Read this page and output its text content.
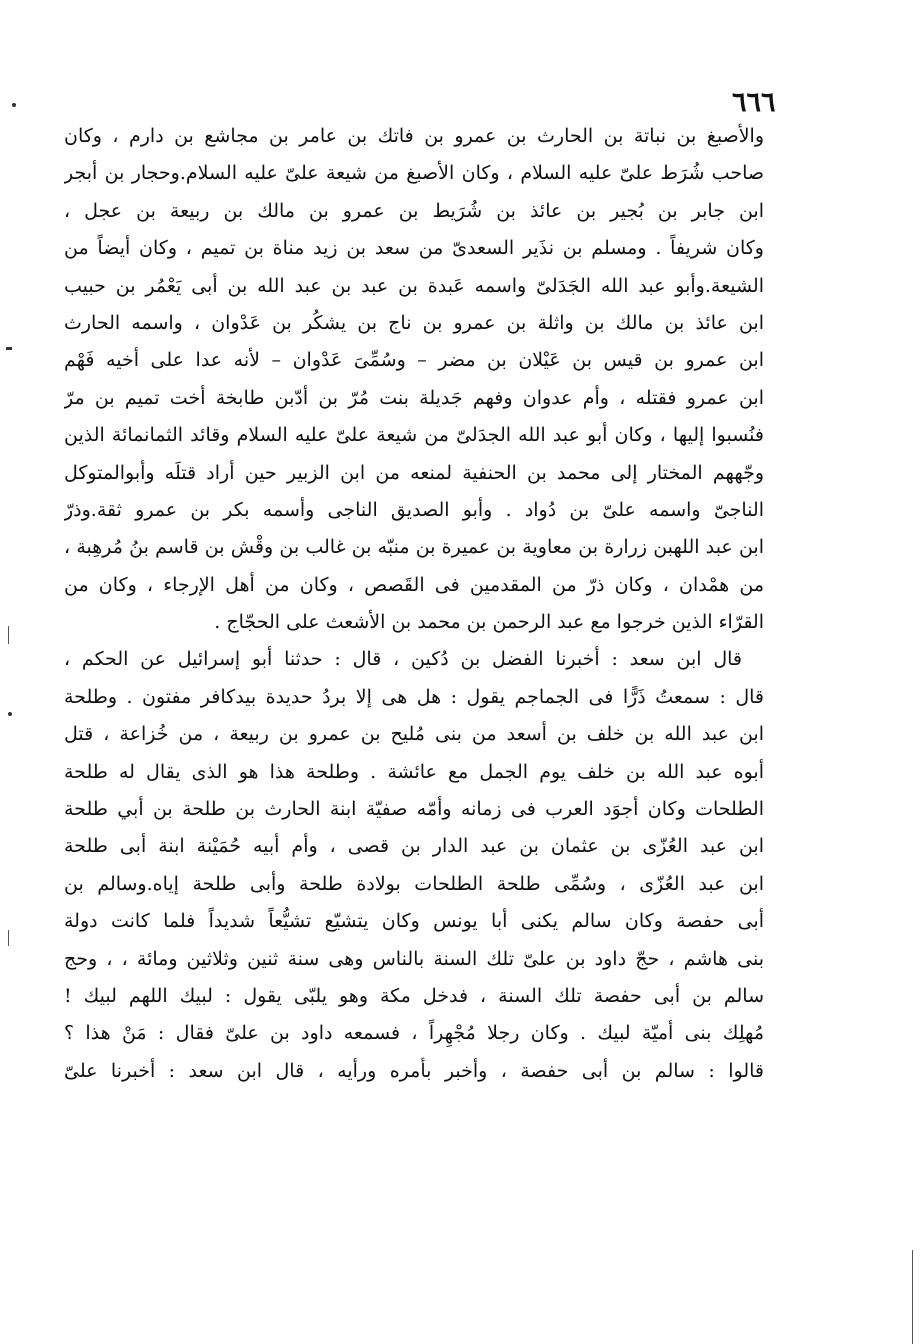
٦٦٦
والأصبغ بن نباتة بن الحارث بن عمرو بن فاتك بن عامر بن مجاشع بن دارم ، وكان
صاحب شُرَط علىّ عليه السلام ، وكان الأصبغ من شيعة علىّ عليه السلام.وحجار بن أبجر
ابن جابر بن بُجير بن عائذ بن شُرَيط بن عمرو بن مالك بن ربيعة بن عجل ،
وكان شريفاً . ومسلم بن نذَير السعدىّ من سعد بن زيد مناة بن تميم ، وكان أيضاً من
الشيعة.وأبو عبد الله الجَدَلىّ واسمه عَبدة بن عبد بن عبد الله بن أبى يَعْمُر بن حبيب
ابن عائذ بن مالك بن واثلة بن عمرو بن ناج بن يشكُر بن عَدْوان ، واسمه الحارث
ابن عمرو بن قيس بن عَيْلان بن مضر – وسُمِّىَ عَدْوان – لأنه عدا على أخيه فَهْم
ابن عمرو فقتله ، وأم عدوان وفهم جَديلة بنت مُرّ بن أدّبن طابخة أخت تميم بن مرّ
فنُسبوا إليها ، وكان أبو عبد الله الجدَلىّ من شيعة علىّ عليه السلام وقائد الثمانمائة الذين
وجّههم المختار إلى محمد بن الحنفية لمنعه من ابن الزبير حين أراد قتلَه وأبوالمتوكل
الناجىّ واسمه علىّ بن دُواد . وأبو الصديق الناجى وأسمه بكر بن عمرو ثقة.وذرّ
ابن عبد اللهبن زرارة بن معاوية بن عميرة بن منبّه بن غالب بن وقْش بن قاسم بنُ مُرهِبة ،
من همْدان ، وكان ذرّ من المقدمين فى القَصص ، وكان من أهل الإرجاء ، وكان من
القرّاء الذين خرجوا مع عبد الرحمن بن محمد بن الأشعث على الحجّاج .
قال ابن سعد : أخبرنا الفضل بن دُكين ، قال : حدثنا أبو إسرائيل عن الحكم ،
قال : سمعتُ ذَرًّا فى الجماجم يقول : هل هى إلا بردُ حديدة بيدكافر مفتون . وطلحة
ابن عبد الله بن خلف بن أسعد من بنى مُليح بن عمرو بن ربيعة ، من خُزاعة ، قتل
أبوه عبد الله بن خلف يوم الجمل مع عائشة . وطلحة هذا هو الذى يقال له طلحة
الطلحات وكان أجوَد العرب فى زمانه وأمّه صفيّة ابنة الحارث بن طلحة بن أبي طلحة
ابن عبد العُزّى بن عثمان بن عبد الدار بن قصى ، وأم أبيه حُمَيْنة ابنة أبى طلحة
ابن عبد العُزّى ، وسُمِّى طلحة الطلحات بولادة طلحة وأبى طلحة إياه.وسالم بن
أبى حفصة وكان سالم يكنى أبا يونس وكان يتشيّع تشيُّعاً شديداً فلما كانت دولة
بنى هاشم ، حجّ داود بن علىّ تلك السنة بالناس وهى سنة ثنين وثلاثين ومائة ، ، وحج
سالم بن أبى حفصة تلك السنة ، فدخل مكة وهو يلبّى يقول : لبيك اللهم لبيك !
مُهلِك بنى أميّة لبيك . وكان رجلا مُجْهِراً ، فسمعه داود بن علىّ فقال : مَنْ هذا ؟
قالوا : سالم بن أبى حفصة ، وأخبر بأمره ورأيه ، قال ابن سعد : أخبرنا علىّ
